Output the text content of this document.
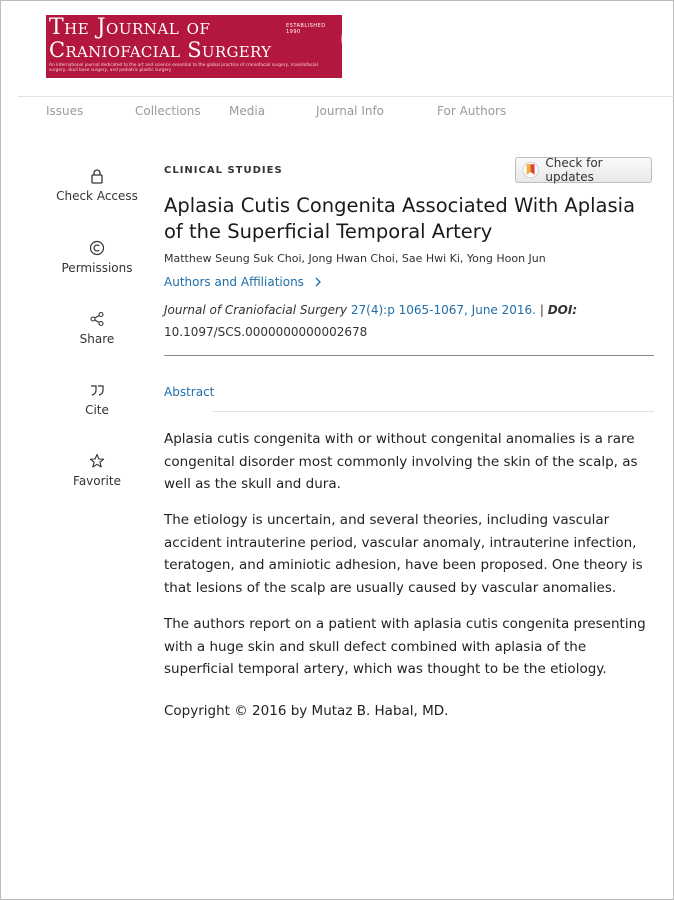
The Journal of
Craniofacial Surgery
ESTABLISHED 1990
An international journal dedicated to the art and science essential to the global practice of craniofacial surgery, maxillofacial surgery, skull base surgery, and pediatric plastic surgery
Issues	Collections Media	Journal Info	For Authors
Check Access
Permissions
Share
Cite
Favorite
CLINICAL STUDIES
Check for updates
Aplasia Cutis Congenita Associated With Aplasia of the Superficial Temporal Artery
Matthew Seung Suk Choi, Jong Hwan Choi, Sae Hwi Ki, Yong Hoon Jun
Authors and Affiliations
Journal of Craniofacial Surgery 27(4):p 1065-1067, June 2016. | DOI:
10.1097/SCS.0000000000002678
Abstract
Aplasia cutis congenita with or without congenital anomalies is a rare congenital disorder most commonly involving the skin of the scalp, as well as the skull and dura.
The etiology is uncertain, and several theories, including vascular accident intrauterine period, vascular anomaly, intrauterine infection, teratogen, and aminiotic adhesion, have been proposed. One theory is that lesions of the scalp are usually caused by vascular anomalies.
The authors report on a patient with aplasia cutis congenita presenting with a huge skin and skull defect combined with aplasia of the superficial temporal artery, which was thought to be the etiology.
Copyright © 2016 by Mutaz B. Habal, MD.
